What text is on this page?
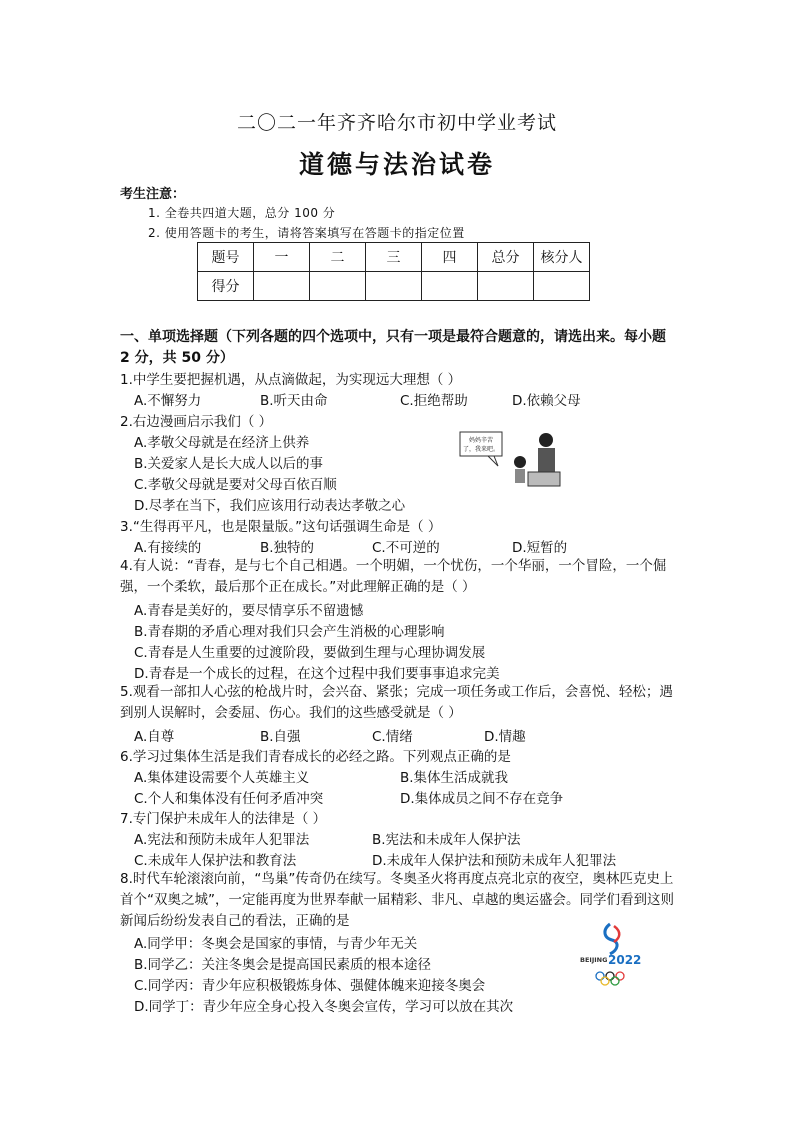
二〇二一年齐齐哈尔市初中学业考试
道德与法治试卷
考生注意：
1. 全卷共四道大题，总分 100 分
2. 使用答题卡的考生，请将答案填写在答题卡的指定位置
题号	一	二	三	四	总分	核分人
得分						
一、单项选择题（下列各题的四个选项中，只有一项是最符合题意的，请选出来。每小题 2 分，共 50 分）
1.中学生要把握机遇，从点滴做起，为实现远大理想（ ）
A.不懈努力	B.听天由命	C.拒绝帮助	D.依赖父母
2.右边漫画启示我们（ ）
A.孝敬父母就是在经济上供养
B.关爱家人是长大成人以后的事
C.孝敬父母就是要对父母百依百顺
D.尽孝在当下，我们应该用行动表达孝敬之心
妈妈辛苦
了，我来吧。
3.“生得再平凡，也是限量版。”这句话强调生命是（ ）
A.有接续的	B.独特的	C.不可逆的	D.短暂的
4.有人说：“青春，是与七个自己相遇。一个明媚，一个忧伤，一个华丽，一个冒险，一个倔强，一个柔软，最后那个正在成长。”对此理解正确的是（ ）
A.青春是美好的，要尽情享乐不留遗憾
B.青春期的矛盾心理对我们只会产生消极的心理影响
C.青春是人生重要的过渡阶段，要做到生理与心理协调发展
D.青春是一个成长的过程，在这个过程中我们要事事追求完美
5.观看一部扣人心弦的枪战片时，会兴奋、紧张；完成一项任务或工作后，会喜悦、轻松；遇到别人误解时，会委屈、伤心。我们的这些感受就是（ ）
A.自尊	B.自强	C.情绪	D.情趣
6.学习过集体生活是我们青春成长的必经之路。下列观点正确的是
A.集体建设需要个人英雄主义	B.集体生活成就我
C.个人和集体没有任何矛盾冲突	D.集体成员之间不存在竞争
7.专门保护未成年人的法律是（ ）
A.宪法和预防未成年人犯罪法	B.宪法和未成年人保护法
C.未成年人保护法和教育法	D.未成年人保护法和预防未成年人犯罪法
8.时代车轮滚滚向前，“鸟巢”传奇仍在续写。冬奥圣火将再度点亮北京的夜空，奥林匹克史上首个“双奥之城”，一定能再度为世界奉献一届精彩、非凡、卓越的奥运盛会。同学们看到这则新闻后纷纷发表自己的看法，正确的是
A.同学甲：冬奥会是国家的事情，与青少年无关
B.同学乙：关注冬奥会是提高国民素质的根本途径
C.同学丙：青少年应积极锻炼身体、强健体魄来迎接冬奥会
D.同学丁：青少年应全身心投入冬奥会宣传，学习可以放在其次
BEIJING 2022
